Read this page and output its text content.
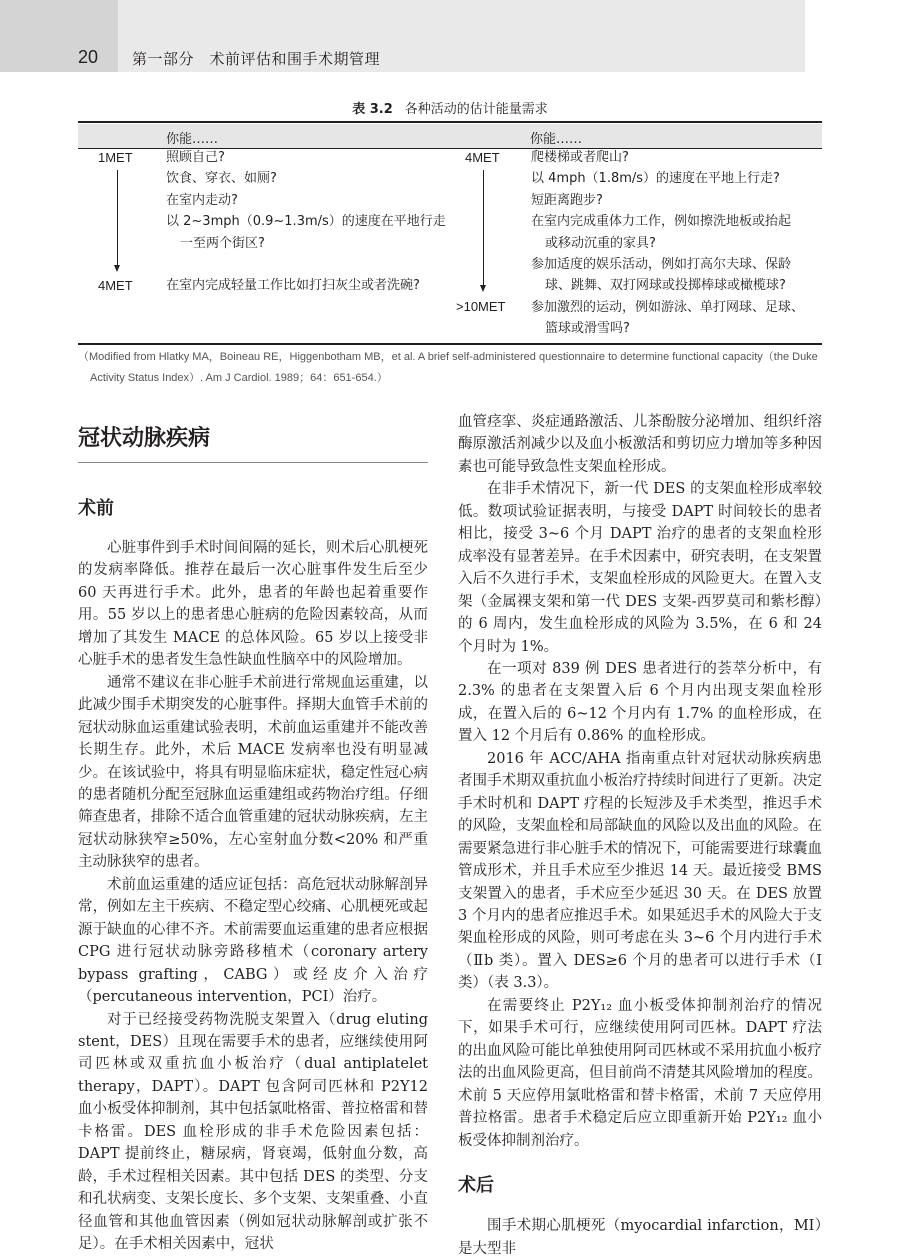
20 第一部分　术前评估和围手术期管理
表 3.2 各种活动的估计能量需求
你能……	你能……
1MET
4MET
照顾自己?
饮食、穿衣、如厕?
在室内走动?
以 2~3mph（0.9~1.3m/s）的速度在平地行走
一至两个街区?
在室内完成轻量工作比如打扫灰尘或者洗碗?
4MET
>10MET
爬楼梯或者爬山?
以 4mph（1.8m/s）的速度在平地上行走?
短距离跑步?
在室内完成重体力工作，例如擦洗地板或抬起
或移动沉重的家具?
参加适度的娱乐活动，例如打高尔夫球、保龄
球、跳舞、双打网球或投掷棒球或橄榄球?
参加激烈的运动，例如游泳、单打网球、足球、
篮球或滑雪吗?
（Modified from Hlatky MA，Boineau RE，Higgenbotham MB，et al. A brief self-administered questionnaire to determine functional capacity（the Duke
Activity Status Index）. Am J Cardiol. 1989；64：651-654.）
冠状动脉疾病
术前

心脏事件到手术时间间隔的延长，则术后心肌梗死的发病率降低。推荐在最后一次心脏事件发生后至少 60 天再进行手术。此外，患者的年龄也起着重要作用。55 岁以上的患者患心脏病的危险因素较高，从而增加了其发生 MACE 的总体风险。65 岁以上接受非心脏手术的患者发生急性缺血性脑卒中的风险增加。

通常不建议在非心脏手术前进行常规血运重建，以此减少围手术期突发的心脏事件。择期大血管手术前的冠状动脉血运重建试验表明，术前血运重建并不能改善长期生存。此外，术后 MACE 发病率也没有明显减少。在该试验中，将具有明显临床症状，稳定性冠心病的患者随机分配至冠脉血运重建组或药物治疗组。仔细筛查患者，排除不适合血管重建的冠状动脉疾病，左主冠状动脉狭窄≥50%，左心室射血分数<20% 和严重主动脉狭窄的患者。

术前血运重建的适应证包括：高危冠状动脉解剖异常，例如左主干疾病、不稳定型心绞痛、心肌梗死或起源于缺血的心律不齐。术前需要血运重建的患者应根据 CPG 进行冠状动脉旁路移植术（coronary artery bypass grafting，CABG）或经皮介入治疗（percutaneous intervention，PCI）治疗。

对于已经接受药物洗脱支架置入（drug eluting stent，DES）且现在需要手术的患者，应继续使用阿司匹林或双重抗血小板治疗（dual antiplatelet therapy，DAPT）。DAPT 包含阿司匹林和 P2Y12 血小板受体抑制剂，其中包括氯吡格雷、普拉格雷和替卡格雷。DES 血栓形成的非手术危险因素包括：DAPT 提前终止，糖尿病，肾衰竭，低射血分数，高龄，手术过程相关因素。其中包括 DES 的类型、分支和孔状病变、支架长度长、多个支架、支架重叠、小直径血管和其他血管因素（例如冠状动脉解剖或扩张不足）。在手术相关因素中，冠状

血管痉挛、炎症通路激活、儿茶酚胺分泌增加、组织纤溶酶原激活剂减少以及血小板激活和剪切应力增加等多种因素也可能导致急性支架血栓形成。

在非手术情况下，新一代 DES 的支架血栓形成率较低。数项试验证据表明，与接受 DAPT 时间较长的患者相比，接受 3~6 个月 DAPT 治疗的患者的支架血栓形成率没有显著差异。在手术因素中，研究表明，在支架置入后不久进行手术，支架血栓形成的风险更大。在置入支架（金属裸支架和第一代 DES 支架-西罗莫司和紫杉醇）的 6 周内，发生血栓形成的风险为 3.5%，在 6 和 24 个月时为 1%。

在一项对 839 例 DES 患者进行的荟萃分析中，有 2.3% 的患者在支架置入后 6 个月内出现支架血栓形成，在置入后的 6~12 个月内有 1.7% 的血栓形成，在置入 12 个月后有 0.86% 的血栓形成。

2016 年 ACC/AHA 指南重点针对冠状动脉疾病患者围手术期双重抗血小板治疗持续时间进行了更新。决定手术时机和 DAPT 疗程的长短涉及手术类型，推迟手术的风险，支架血栓和局部缺血的风险以及出血的风险。在需要紧急进行非心脏手术的情况下，可能需要进行球囊血管成形术，并且手术应至少推迟 14 天。最近接受 BMS 支架置入的患者，手术应至少延迟 30 天。在 DES 放置 3 个月内的患者应推迟手术。如果延迟手术的风险大于支架血栓形成的风险，则可考虑在头 3~6 个月内进行手术（Ⅱb 类）。置入 DES≥6 个月的患者可以进行手术（Ⅰ类）（表 3.3）。

在需要终止 P2Y₁₂ 血小板受体抑制剂治疗的情况下，如果手术可行，应继续使用阿司匹林。DAPT 疗法的出血风险可能比单独使用阿司匹林或不采用抗血小板疗法的出血风险更高，但目前尚不清楚其风险增加的程度。术前 5 天应停用氯吡格雷和替卡格雷，术前 7 天应停用普拉格雷。患者手术稳定后应立即重新开始 P2Y₁₂ 血小板受体抑制剂治疗。

术后

围手术期心肌梗死（myocardial infarction，MI）是大型非
